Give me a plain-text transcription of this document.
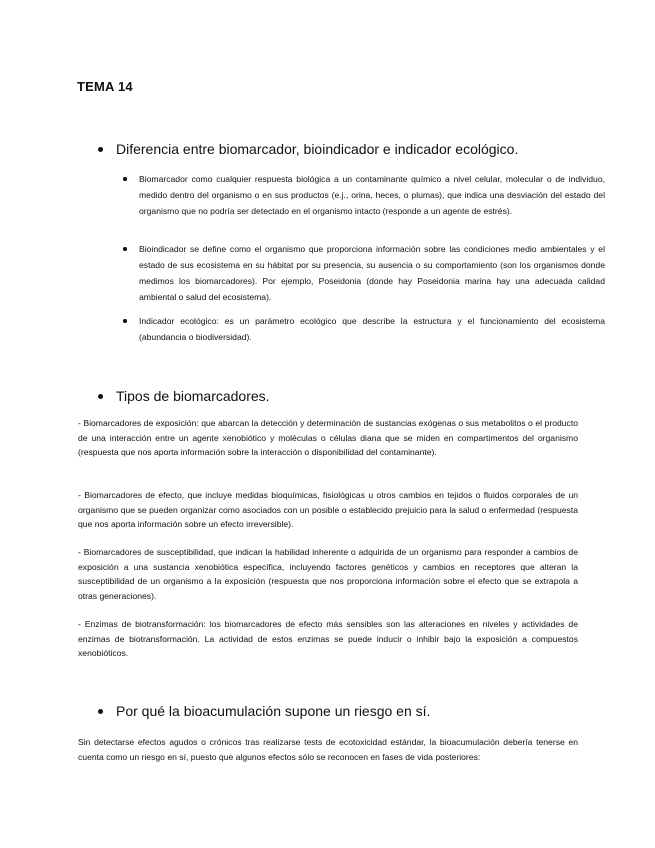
TEMA 14
Diferencia entre biomarcador, bioindicador e indicador ecológico.
Biomarcador como cualquier respuesta biológica a un contaminante químico a nivel celular, molecular o de individuo, medido dentro del organismo o en sus productos (e.j., orina, heces, o plumas), que indica una desviación del estado del organismo que no podría ser detectado en el organismo intacto (responde a un agente de estrés).
Bioindicador se define como el organismo que proporciona información sobre las condiciones medio ambientales y el estado de sus ecosistema en su hábitat por su presencia, su ausencia o su comportamiento (son los organismos donde medimos los biomarcadores). Por ejemplo, Poseidonia (donde hay Poseidonia marina hay una adecuada calidad ambiental o salud del ecosistema).
Indicador ecológico: es un parámetro ecológico que describe la estructura y el funcionamiento del ecosistema (abundancia o biodiversidad).
Tipos de biomarcadores.
- Biomarcadores de exposición: que abarcan la detección y determinación de sustancias exógenas o sus metabolitos o el producto de una interacción entre un agente xenobiótico y moléculas o células diana que se miden en compartimentos del organismo (respuesta que nos aporta información sobre la interacción o disponibilidad del contaminante).
- Biomarcadores de efecto, que incluye medidas bioquímicas, fisiológicas u otros cambios en tejidos o fluidos corporales de un organismo que se pueden organizar como asociados con un posible o establecido prejuicio para la salud o enfermedad (respuesta que nos aporta información sobre un efecto irreversible).
- Biomarcadores de susceptibilidad, que indican la habilidad inherente o adquirida de un organismo para responder a cambios de exposición a una sustancia xenobiótica específica, incluyendo factores genéticos y cambios en receptores que alteran la susceptibilidad de un organismo a la exposición (respuesta que nos proporciona información sobre el efecto que se extrapola a otras generaciones).
- Enzimas de biotransformación: los biomarcadores de efecto más sensibles son las alteraciones en niveles y actividades de enzimas de biotransformación. La actividad de estos enzimas se puede inducir o inhibir bajo la exposición a compuestos xenobióticos.
Por qué la bioacumulación supone un riesgo en sí.
Sin detectarse efectos agudos o crónicos tras realizarse tests de ecotoxicidad estándar, la bioacumulación debería tenerse en cuenta como un riesgo en sí, puesto que algunos efectos sólo se reconocen en fases de vida posteriores:
